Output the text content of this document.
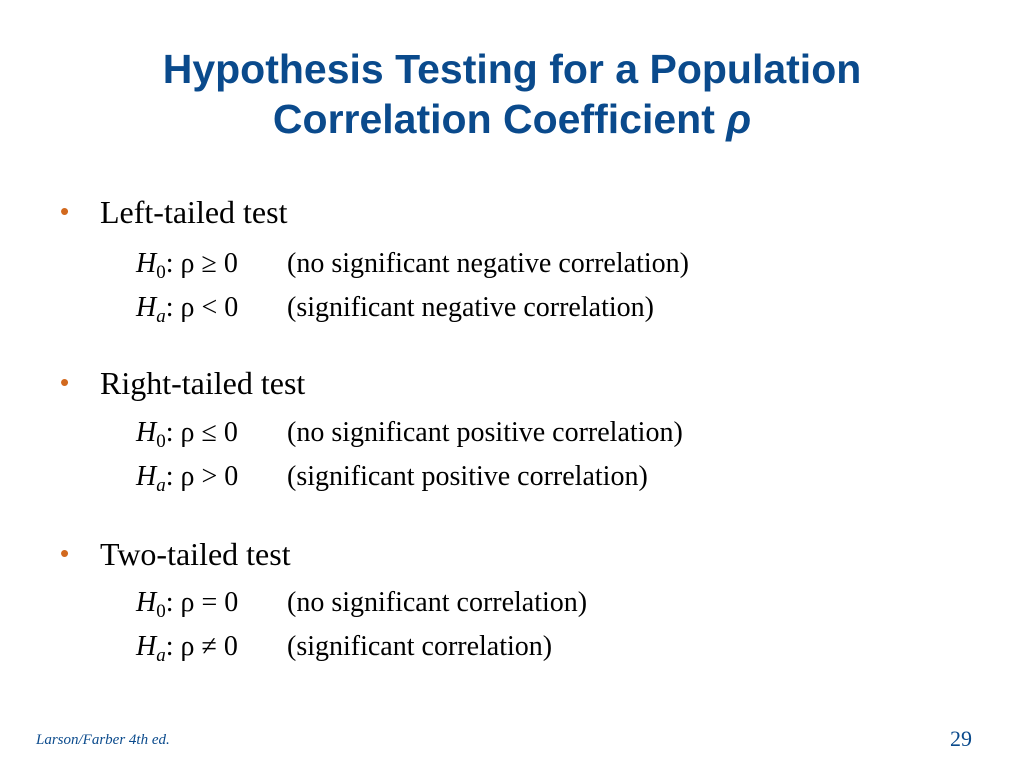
Hypothesis Testing for a Population
Correlation Coefficient ρ
• Left-tailed test
$H_0$: ρ ≥ 0 (no significant negative correlation)
$H_a$: ρ < 0 (significant negative correlation)
• Right-tailed test
$H_0$: ρ ≤ 0 (no significant positive correlation)
$H_a$: ρ > 0 (significant positive correlation)
• Two-tailed test
$H_0$: ρ = 0 (no significant correlation)
$H_a$: ρ ≠ 0 (significant correlation)
Larson/Farber 4th ed.	29
